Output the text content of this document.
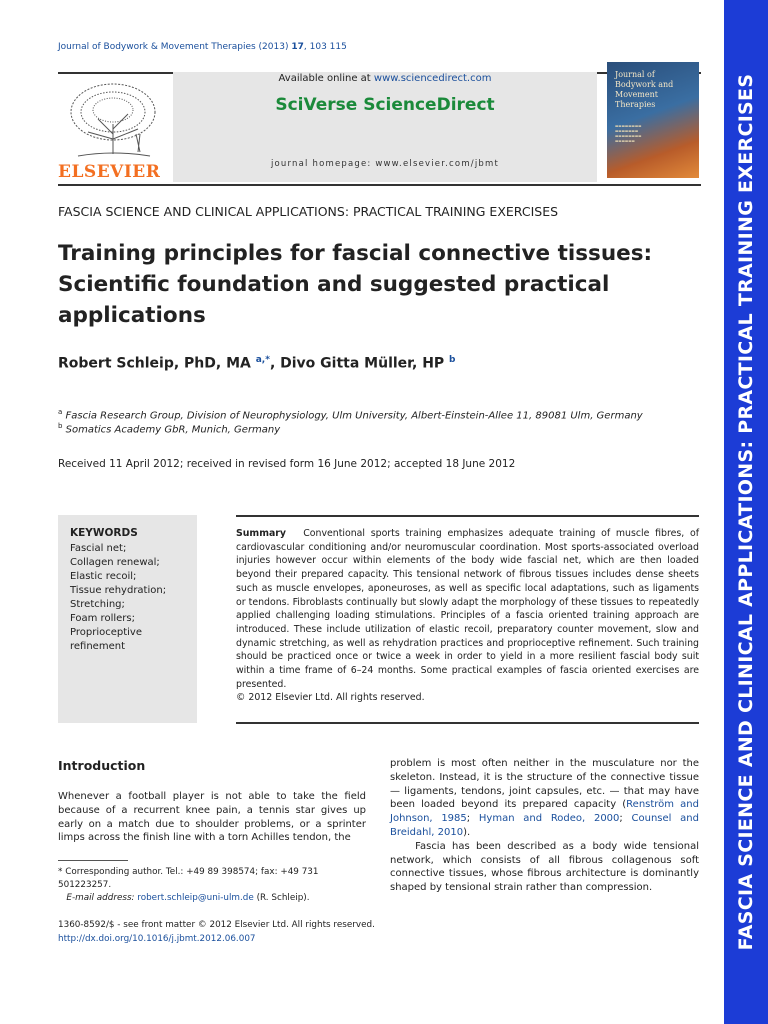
Journal of Bodywork & Movement Therapies (2013) 17, 103 115
ELSEVIER
Available online at www.sciencedirect.com
SciVerse ScienceDirect
journal homepage: www.elsevier.com/jbmt
Journal of Bodywork and Movement Therapies
▬▬▬▬▬▬▬▬
▬▬▬▬▬▬▬
▬▬▬▬▬▬▬▬
▬▬▬▬▬▬	FASCIA SCIENCE AND CLINICAL APPLICATIONS: PRACTICAL TRAINING EXERCISES
FASCIA SCIENCE AND CLINICAL APPLICATIONS: PRACTICAL TRAINING EXERCISES
Training principles for fascial connective tissues: Scientific foundation and suggested practical applications
Robert Schleip, PhD, MA $^{a,*}$, Divo Gitta Müller, HP $^b$
$^a$ Fascia Research Group, Division of Neurophysiology, Ulm University, Albert-Einstein-Allee 11, 89081 Ulm, Germany
$^b$ Somatics Academy GbR, Munich, Germany
Received 11 April 2012; received in revised form 16 June 2012; accepted 18 June 2012
KEYWORDS
Fascial net;
Collagen renewal;
Elastic recoil;
Tissue rehydration;
Stretching;
Foam rollers;
Proprioceptive
refinement
Summary Conventional sports training emphasizes adequate training of muscle fibres, of cardiovascular conditioning and/or neuromuscular coordination. Most sports-associated overload injuries however occur within elements of the body wide fascial net, which are then loaded beyond their prepared capacity. This tensional network of fibrous tissues includes dense sheets such as muscle envelopes, aponeuroses, as well as specific local adaptations, such as ligaments or tendons. Fibroblasts continually but slowly adapt the morphology of these tissues to repeatedly applied challenging loading stimulations. Principles of a fascia oriented training approach are introduced. These include utilization of elastic recoil, preparatory counter movement, slow and dynamic stretching, as well as rehydration practices and proprioceptive refinement. Such training should be practiced once or twice a week in order to yield in a more resilient fascial body suit within a time frame of 6–24 months. Some practical examples of fascia oriented exercises are presented.
© 2012 Elsevier Ltd. All rights reserved.
Introduction
Whenever a football player is not able to take the field because of a recurrent knee pain, a tennis star gives up early on a match due to shoulder problems, or a sprinter limps across the finish line with a torn Achilles tendon, the
problem is most often neither in the musculature nor the skeleton. Instead, it is the structure of the connective tissue — ligaments, tendons, joint capsules, etc. — that may have been loaded beyond its prepared capacity (Renström and Johnson, 1985; Hyman and Rodeo, 2000; Counsel and Breidahl, 2010).
Fascia has been described as a body wide tensional network, which consists of all fibrous collagenous soft connective tissues, whose fibrous architecture is dominantly shaped by tensional strain rather than compression.
* Corresponding author. Tel.: +49 89 398574; fax: +49 731 501223257.
E-mail address: robert.schleip@uni-ulm.de (R. Schleip).
1360-8592/$ - see front matter © 2012 Elsevier Ltd. All rights reserved.
http://dx.doi.org/10.1016/j.jbmt.2012.06.007
